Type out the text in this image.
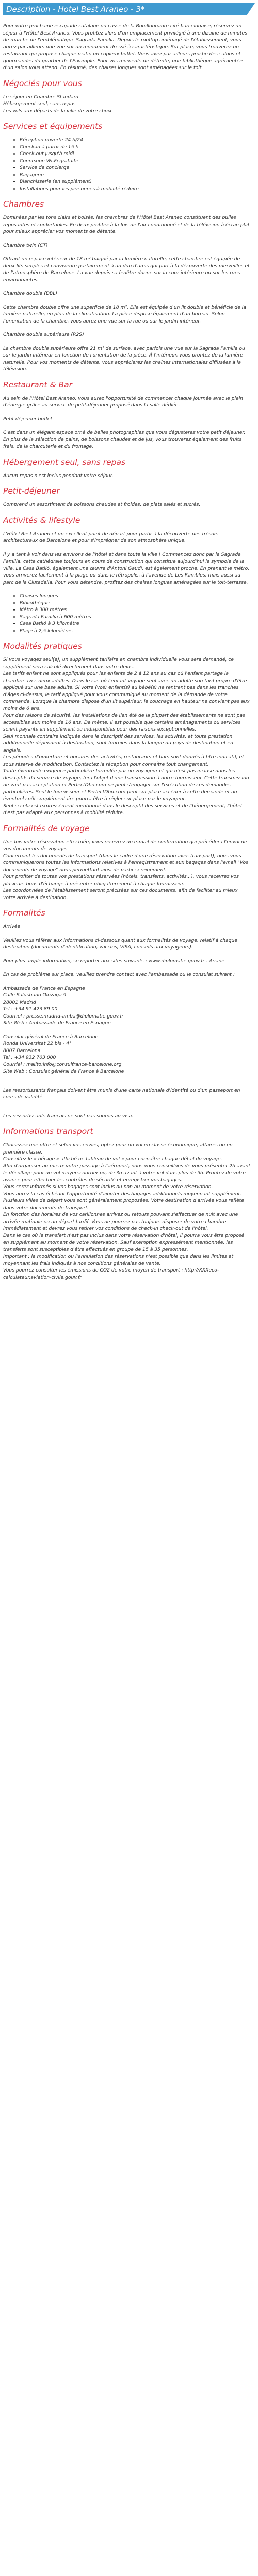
Description - Hotel Best Araneo - 3*

Pour votre prochaine escapade catalane ou casse de la Bouillonnante cité barcelonaise, réservez un séjour à l'Hôtel Best Araneo. Vous profitez alors d'un emplacement privilégié à une dizaine de minutes de marche de l'emblématique Sagrada Familia. Depuis le rooftop aménagé de l'établissement, vous aurez par ailleurs une vue sur un monument dressé à caractéristique. Sur place, vous trouverez un restaurant qui propose chaque matin un copieux buffet. Vous avez par ailleurs proche des salons et gourmandes du quartier de l'Eixample. Pour vos moments de détente, une bibliothèque agrémentée d'un salon vous attend. En résumé, des chaises longues sont aménagées sur le toit.

Négociés pour vous
Le séjour en Chambre Standard
Hébergement seul, sans repas
Les vols aux départs de la ville de votre choix
Services et équipements
• Réception ouverte 24 h/24
• Check-in à partir de 15 h
• Check-out jusqu'à midi
• Connexion Wi-Fi gratuite
• Service de concierge
• Bagagerie
• Blanchisserie (en supplément)
• Installations pour les personnes à mobilité réduite
Chambres

Dominées par les tons clairs et boisés, les chambres de l'Hôtel Best Araneo constituent des bulles reposantes et confortables. En deux profitez à la fois de l'air conditionné et de la télévision à écran plat pour mieux apprécier vos moments de détente.

Chambre twin (CT)

Offrant un espace intérieur de 18 m² baigné par la lumière naturelle, cette chambre est équipée de deux lits simples et convivente parfaitement à un duo d'amis qui part à la découverte des merveilles et de l'atmosphère de Barcelone. La vue depuis sa fenêtre donne sur la cour intérieure ou sur les rues environnantes.

Chambre double (DBL)

Cette chambre double offre une superficie de 18 m². Elle est équipée d'un lit double et bénéficie de la lumière naturelle, en plus de la climatisation. La pièce dispose également d'un bureau. Selon l'orientation de la chambre, vous aurez une vue sur la rue ou sur le jardin intérieur.

Chambre double supérieure (R2S)

La chambre double supérieure offre 21 m² de surface, avec parfois une vue sur la Sagrada Familia ou sur le jardin intérieur en fonction de l'orientation de la pièce. À l'intérieur, vous profitez de la lumière naturelle. Pour vos moments de détente, vous apprécierez les chaînes internationales diffusées à la télévision.

Restaurant & Bar

Au sein de l'Hôtel Best Araneo, vous aurez l'opportunité de commencer chaque journée avec le plein d'énergie grâce au service de petit-déjeuner proposé dans la salle dédiée.

Petit déjeuner buffet

C'est dans un élégant espace orné de belles photographies que vous dégusterez votre petit déjeuner. En plus de la sélection de pains, de boissons chaudes et de jus, vous trouverez également des fruits frais, de la charcuterie et du fromage.

Hébergement seul, sans repas

Aucun repas n'est inclus pendant votre séjour.

Petit-déjeuner

Comprend un assortiment de boissons chaudes et froides, de plats salés et sucrés.

Activités & lifestyle

L'Hôtel Best Araneo et un excellent point de départ pour partir à la découverte des trésors architecturaux de Barcelone et pour s'imprégner de son atmosphère unique.

Il y a tant à voir dans les environs de l'hôtel et dans toute la ville ! Commencez donc par la Sagrada Familia, cette cathédrale toujours en cours de construction qui constitue aujourd'hui le symbole de la ville. La Casa Batlló, également une œuvre d'Antoni Gaudí, est également proche. En prenant le métro, vous arriverez facilement à la plage ou dans le rétropolis, à l'avenue de Les Rambles, mais aussi au parc de la Ciutadella. Pour vous détendre, profitez des chaises longues aménagées sur le toit-terrasse.

• Chaises longues
• Bibliothèque
• Métro à 300 mètres
• Sagrada Familia à 600 mètres
• Casa Batlló à 3 kilomètre
• Plage à 2,5 kilomètres
Modalités pratiques
Si vous voyagez seul(e), un supplément tarifaire en chambre individuelle vous sera demandé, ce supplément sera calculé directement dans votre devis.
Les tarifs enfant ne sont appliqués pour les enfants de 2 à 12 ans au cas où l'enfant partage la chambre avec deux adultes. Dans le cas où l'enfant voyage seul avec un adulte son tarif propre d'être appliqué sur une base adulte. Si votre (vos) enfant(s) au bébé(s) ne rentrent pas dans les tranches d'âges ci-dessus, le tarif appliqué pour vous communiqué au moment de la démande de votre commande. Lorsque la chambre dispose d'un lit supérieur, le couchage en hauteur ne convient pas aux moins de 6 ans.
Pour des raisons de sécurité, les installations de lien été de la plupart des établissements ne sont pas accessibles aux moins de 16 ans. De même, il est possible que certains aménagements ou services soient payants en supplément ou indisponibles pour des raisons exceptionnelles.
Seul monnaie contraire indiquée dans le descriptif des services, les activités, et toute prestation additionnelle dépendent à destination, sont fournies dans la langue du pays de destination et en anglais.
Les périodes d'ouverture et horaires des activités, restaurants et bars sont donnés à titre indicatif, et sous réserve de modification. Contactez la réception pour connaître tout changement.
Toute éventuelle exigence particulière formulée par un voyageur et qui n'est pas incluse dans les descriptifs du service de voyage, fera l'objet d'une transmission à notre fournisseur. Cette transmission ne vaut pas acceptation et PerfectDho.com ne peut s'engager sur l'exécution de ces demandes particulières. Seul le fournisseur et PerfectDho.com peut sur place accéder à cette demande et au éventuel coût supplémentaire pourra être à régler sur place par le voyageur.
Seul si cela est expressément mentionné dans le descriptif des services et de l'hébergement, l'hôtel n'est pas adapté aux personnes à mobilité réduite.
Formalités de voyage
Une fois votre réservation effectuée, vous recevrez un e-mail de confirmation qui précédera l'envoi de vos documents de voyage.
Concernant les documents de transport (dans le cadre d'une réservation avec transport), nous vous communiquerons toutes les informations relatives à l'enregistrement et aux bagages dans l'email "Vos documents de voyage" nous permettant ainsi de partir sereinement.
Pour profiter de toutes vos prestations réservées (hôtels, transferts, activités...), vous recevrez vos plusieurs bons d'échange à présenter obligatoirement à chaque fournisseur.
Les coordonnées de l'établissement seront précisées sur ces documents, afin de faciliter au mieux votre arrivée à destination.
Formalités

Arrivée

Veuillez vous référer aux informations ci-dessous quant aux formalités de voyage, relatif à chaque destination (documents d'identification, vaccins, VISA, conseils aux voyageurs).

Pour plus ample information, se reporter aux sites suivants : www.diplomatie.gouv.fr - Ariane

En cas de problème sur place, veuillez prendre contact avec l'ambassade ou le consulat suivant :

Ambassade de France en Espagne
Calle Salustiano Olozaga 9
28001 Madrid
Tel : +34 91 423 89 00
Courriel : presse.madrid-amba@diplomatie.gouv.fr
Site Web : Ambassade de France en Espagne

Consulat général de France à Barcelone
Ronda Universitat 22 bis - 4°
8007 Barcelona
Tel : +34 932 703 000
Courriel : mailto:info@consulfrance-barcelone.org
Site Web : Consulat général de France à Barcelone

Les ressortissants français doivent être munis d'une carte nationale d'identité ou d'un passeport en cours de validité.

Les ressortissants français ne sont pas soumis au visa.

Informations transport
Choisissez une offre et selon vos envies, optez pour un vol en classe économique, affaires ou en première classe.
Consultez le « bérage » affiché ne tableau de vol « pour connaître chaque détail du voyage.
Afin d'organiser au mieux votre passage à l'aéroport, nous vous conseillons de vous présenter 2h avant le décollage pour un vol moyen-courrier ou, de 3h avant à votre vol dans plus de 5h. Profitez de votre avance pour effectuer les contrôles de sécurité et enregistrer vos bagages.
Vous serez informés si vos bagages sont inclus ou non au moment de votre réservation.
Vous aurez la cas échéant l'opportunité d'ajouter des bagages additionnels moyennant supplément.
Plusieurs villes de départ vous sont généralement proposées. Votre destination d'arrivée vous reflète dans votre documents de transport.
En fonction des horaires de vos carillonnes arrivez ou retours pouvant s'effectuer de nuit avec une arrivée matinale ou un départ tardif. Vous ne pourrez pas toujours disposer de votre chambre immédiatement et devrez vous retirer vos conditions de check-in check-out de l'hôtel.
Dans le cas où le transfert n'est pas inclus dans votre réservation d'hôtel, il pourra vous être proposé en supplément au moment de votre réservation. Sauf exemption expressément mentionnée, les transferts sont susceptibles d'être effectués en groupe de 15 à 35 personnes.
Important : la modification ou l'annulation des réservations n'est possible que dans les limites et moyennant les frais indiqués à nos conditions générales de vente.
Vous pourrez consulter les émissions de CO2 de votre moyen de transport : http://XXXeco-calculateur.aviation-civile.gouv.fr
